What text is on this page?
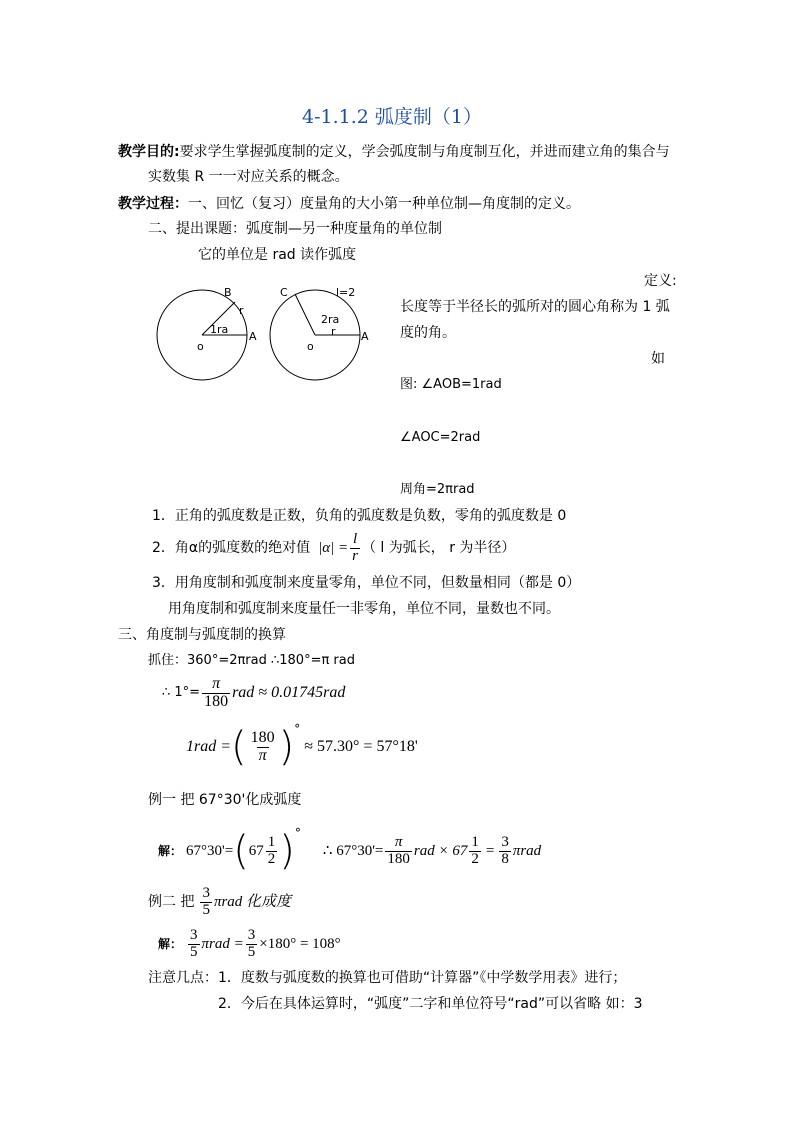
4-1.1.2 弧度制（1）
教学目的:要求学生掌握弧度制的定义，学会弧度制与角度制互化，并进而建立角的集合与
实数集 R 一一对应关系的概念。
教学过程：一、回忆（复习）度量角的大小第一种单位制—角度制的定义。
二、提出课题：弧度制—另一种度量角的单位制
它的单位是 rad 读作弧度
B
r
1ra
o
A
C	l=2
2ra
r
o
A
定义:
长度等于半径长的弧所对的圆心角称为 1 弧
度的角。
如
图: ∠AOB=1rad
∠AOC=2rad
周角=2πrad
1．正角的弧度数是正数，负角的弧度数是负数，零角的弧度数是 0
2．角α的弧度数的绝对值 $|\alpha| = \frac{l}{r}$ （ l 为弧长， r 为半径）
3．用角度制和弧度制来度量零角，单位不同，但数量相同（都是 0）
用角度制和弧度制来度量任一非零角，单位不同，量数也不同。
三、角度制与弧度制的换算
抓住：360°=2πrad ∴180°=π rad
∴ $1^\circ= \frac{\pi}{180}$ rad ≈ 0.01745rad
1rad = ( $\frac{180}{\pi}$ ) °
≈ 57.30° = 57°18'
例一 把 67°30'化成弧度
解： 67°30'= ( $67 \frac{1}{2}$ ) °
∴ $67^\circ 30'= \frac{\pi}{180}$ rad × $67 \frac{1}{2} = \frac{3}{8}$ πrad
例二 把 $\frac{3}{5}$ πrad 化成度
解： $\frac{3}{5}$ $\pi rad = \frac{3}{5} \times 180^\circ = 108^\circ$
注意几点：1．度数与弧度数的换算也可借助“计算器”《中学数学用表》进行；
2．今后在具体运算时，“弧度”二字和单位符号“rad”可以省略 如：3
